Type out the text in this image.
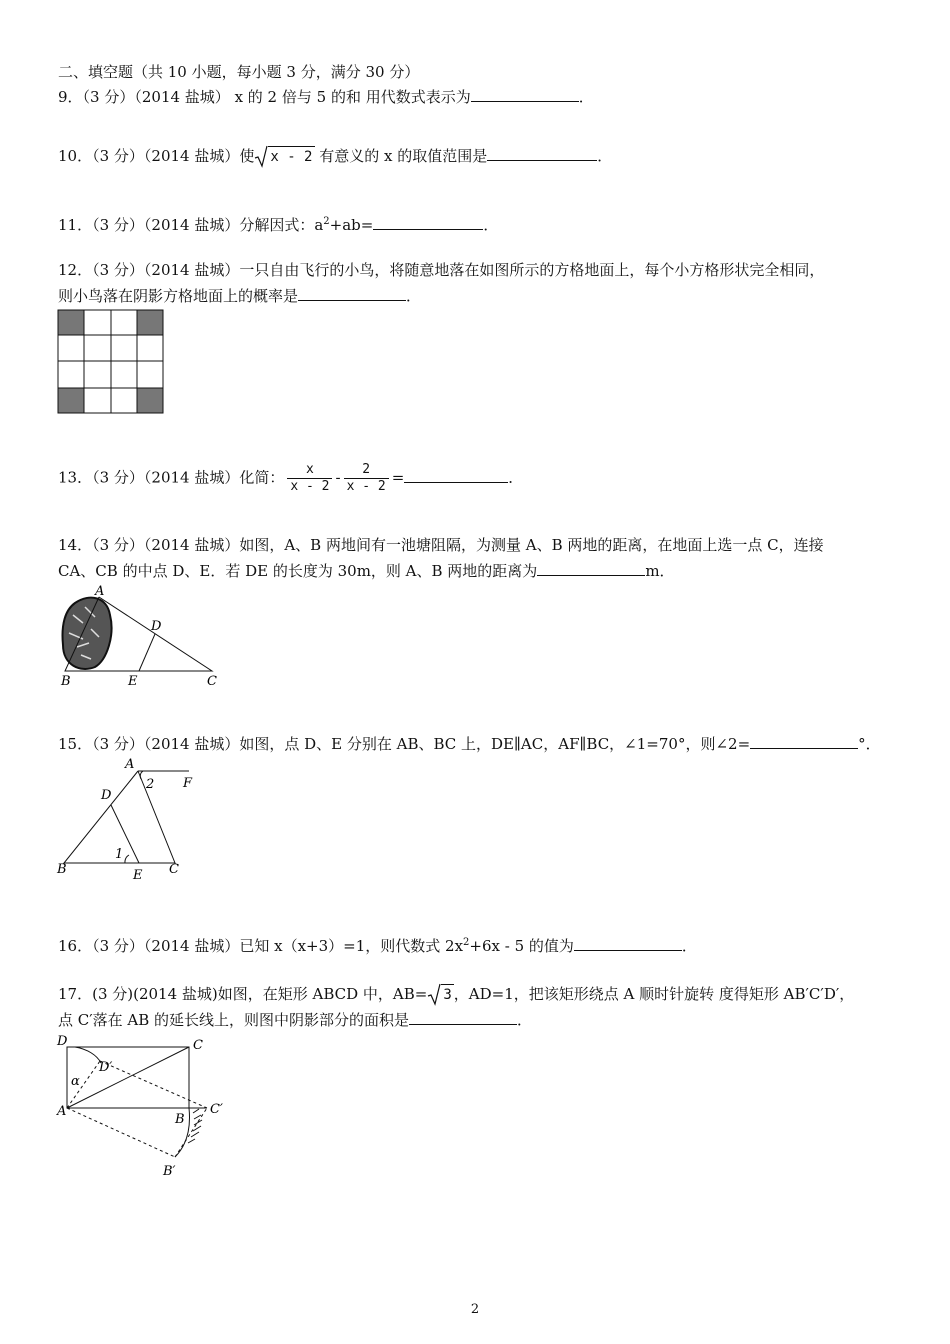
二、填空题（共 10 小题，每小题 3 分，满分 30 分）
9．（3 分）（2014 盐城） x 的 2 倍与 5 的和 用代数式表示为	．
10．（3 分）（2014 盐城）使 x - 2 有意义的 x 的取值范围是	．
11．（3 分）（2014 盐城）分解因式：$a^2+ab=$	．
12．（3 分）（2014 盐城）一只自由飞行的小鸟，将随意地落在如图所示的方格地面上，每个小方格形状完全相同，
则小鸟落在阴影方格地面上的概率是	．
13．（3 分）（2014 盐城）化简： $\frac{x}{x - 2} - \frac{2}{x - 2}$ =	．
14．（3 分）（2014 盐城）如图，A、B 两地间有一池塘阻隔，为测量 A、B 两地的距离，在地面上选一点 C，连接
CA、CB 的中点 D、E．若 DE 的长度为 30m，则 A、B 两地的距离为	m．
A
D
B	E	C
15．（3 分）（2014 盐城）如图，点 D、E 分别在 AB、BC 上，DE∥AC，AF∥BC，∠1=70°，则∠2=	°．
A
F
2
D
1
B	E C
16．（3 分）（2014 盐城）已知 x（x+3）=1，则代数式 $2x^2+6x - 5$ 的值为	．
17．(3 分)(2014 盐城)如图，在矩形 ABCD 中，AB= 3 ，AD=1，把该矩形绕点 A 顺时针旋转 度得矩形 AB′C′D′，
点 C′落在 AB 的延长线上，则图中阴影部分的面积是	．
D	C
D′
α
A
B
C′
B′
2
